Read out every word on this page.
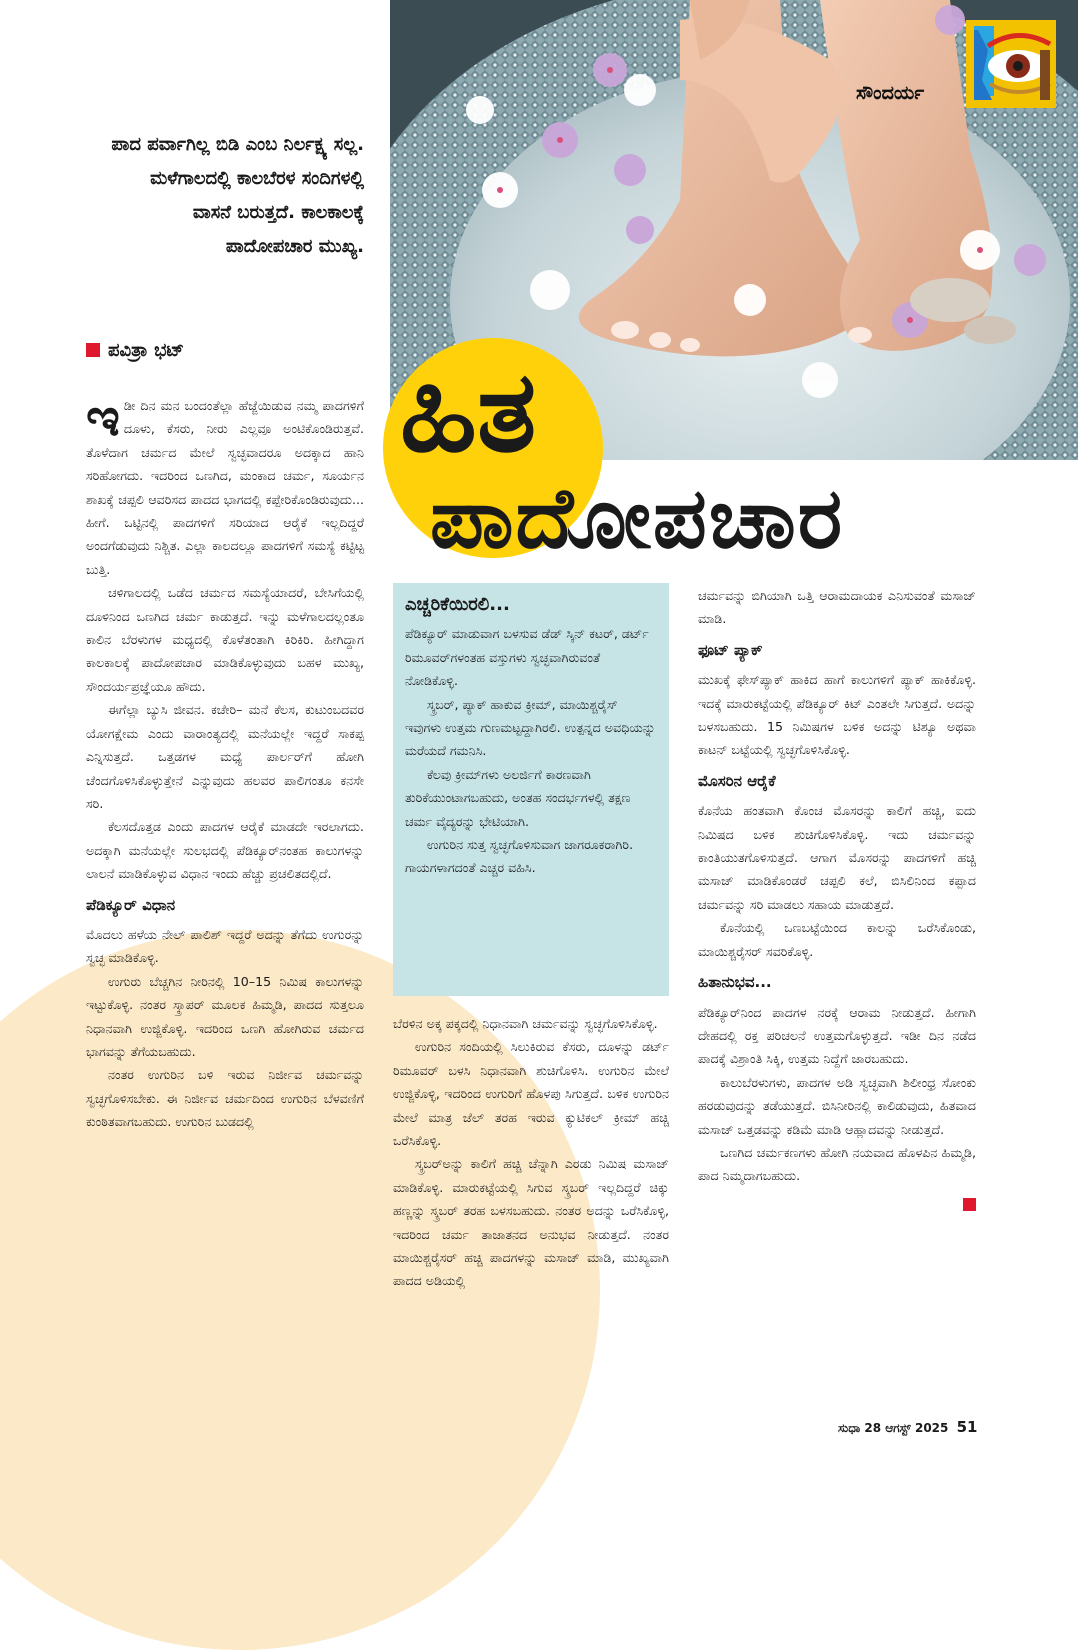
ಸೌಂದರ್ಯ
ಪಾದ ಪರ್ವಾಗಿಲ್ಲ ಬಿಡಿ ಎಂಬ ನಿರ್ಲಕ್ಷ್ಯ ಸಲ್ಲ. ಮಳೆಗಾಲದಲ್ಲಿ ಕಾಲಬೆರಳ ಸಂದಿಗಳಲ್ಲಿ ವಾಸನೆ ಬರುತ್ತದೆ. ಕಾಲಕಾಲಕ್ಕೆ ಪಾದೋಪಚಾರ ಮುಖ್ಯ.
ಪವಿತ್ರಾ ಭಟ್ ಹಿತ
ಪಾದೋಪಚಾರ

ಇಡೀ ದಿನ ಮನ ಬಂದಂತೆಲ್ಲಾ ಹೆಜ್ಜೆಯಿಡುವ ನಮ್ಮ ಪಾದಗಳಿಗೆ ದೂಳು, ಕೆಸರು, ನೀರು ಎಲ್ಲವೂ ಅಂಟಿಕೊಂಡಿರುತ್ತವೆ. ತೊಳೆದಾಗ ಚರ್ಮದ ಮೇಲೆ ಸ್ವಚ್ಛವಾದರೂ ಅದಕ್ಕಾದ ಹಾನಿ ಸರಿಹೋಗದು. ಇದರಿಂದ ಒಣಗಿದ, ಮಂಕಾದ ಚರ್ಮ, ಸೂರ್ಯನ ಶಾಖಕ್ಕೆ ಚಪ್ಪಲಿ ಆವರಿಸದ ಪಾದದ ಭಾಗದಲ್ಲಿ ಕಪ್ಪೇರಿಕೊಂಡಿರುವುದು... ಹೀಗೆ. ಒಟ್ಟಿನಲ್ಲಿ ಪಾದಗಳಿಗೆ ಸರಿಯಾದ ಆರೈಕೆ ಇಲ್ಲದಿದ್ದರೆ ಅಂದಗೆಡುವುದು ನಿಶ್ಚಿತ. ಎಲ್ಲಾ ಕಾಲದಲ್ಲೂ ಪಾದಗಳಿಗೆ ಸಮಸ್ಯೆ ಕಟ್ಟಿಟ್ಟ ಬುತ್ತಿ.

ಚಳಿಗಾಲದಲ್ಲಿ ಒಡೆದ ಚರ್ಮದ ಸಮಸ್ಯೆಯಾದರೆ, ಬೇಸಿಗೆಯಲ್ಲಿ ದೂಳಿನಿಂದ ಒಣಗಿದ ಚರ್ಮ ಕಾಡುತ್ತದೆ. ಇನ್ನು ಮಳೆಗಾಲದಲ್ಲಂತೂ ಕಾಲಿನ ಬೆರಳುಗಳ ಮಧ್ಯದಲ್ಲಿ ಕೊಳೆತಂತಾಗಿ ಕಿರಿಕಿರಿ. ಹೀಗಿದ್ದಾಗ ಕಾಲಕಾಲಕ್ಕೆ ಪಾದೋಪಚಾರ ಮಾಡಿಕೊಳ್ಳುವುದು ಬಹಳ ಮುಖ್ಯ, ಸೌಂದರ್ಯಪ್ರಜ್ಞೆಯೂ ಹೌದು.

ಈಗೆಲ್ಲಾ ಬ್ಯುಸಿ ಜೀವನ. ಕಚೇರಿ– ಮನೆ ಕೆಲಸ, ಕುಟುಂಬದವರ ಯೋಗಕ್ಷೇಮ ಎಂದು ವಾರಾಂತ್ಯದಲ್ಲಿ ಮನೆಯಲ್ಲೇ ಇದ್ದರೆ ಸಾಕಪ್ಪ ಎನ್ನಿಸುತ್ತದೆ. ಒತ್ತಡಗಳ ಮಧ್ಯೆ ಪಾರ್ಲರ್‌ಗೆ ಹೋಗಿ ಚೆಂದಗೊಳಿಸಿಕೊಳ್ಳುತ್ತೇನೆ ಎನ್ನುವುದು ಹಲವರ ಪಾಲಿಗಂತೂ ಕನಸೇ ಸರಿ.

ಕೆಲಸದೊತ್ತಡ ಎಂದು ಪಾದಗಳ ಆರೈಕೆ ಮಾಡದೇ ಇರಲಾಗದು. ಅದಕ್ಕಾಗಿ ಮನೆಯಲ್ಲೇ ಸುಲಭದಲ್ಲಿ ಪೆಡಿಕ್ಯೂರ್‌ನಂತಹ ಕಾಲುಗಳನ್ನು ಲಾಲನೆ ಮಾಡಿಕೊಳ್ಳುವ ವಿಧಾನ ಇಂದು ಹೆಚ್ಚು ಪ್ರಚಲಿತದಲ್ಲಿದೆ.

ಪೆಡಿಕ್ಯೂರ್ ವಿಧಾನ

ಮೊದಲು ಹಳೆಯ ನೇಲ್ ಪಾಲಿಶ್ ಇದ್ದರೆ ಅದನ್ನು ತೆಗೆದು ಉಗುರನ್ನು ಸ್ವಚ್ಛ ಮಾಡಿಕೊಳ್ಳಿ.

ಉಗುರು ಬೆಚ್ಚಗಿನ ನೀರಿನಲ್ಲಿ 10–15 ನಿಮಿಷ ಕಾಲುಗಳನ್ನು ಇಟ್ಟುಕೊಳ್ಳಿ. ನಂತರ ಸ್ಕ್ರಾಪರ್ ಮೂಲಕ ಹಿಮ್ಮಡಿ, ಪಾದದ ಸುತ್ತಲೂ ನಿಧಾನವಾಗಿ ಉಜ್ಜಿಕೊಳ್ಳಿ. ಇದರಿಂದ ಒಣಗಿ ಹೋಗಿರುವ ಚರ್ಮದ ಭಾಗವನ್ನು ತೆಗೆಯಬಹುದು.

ನಂತರ ಉಗುರಿನ ಬಳಿ ಇರುವ ನಿರ್ಜೀವ ಚರ್ಮವನ್ನು ಸ್ವಚ್ಛಗೊಳಿಸಬೇಕು. ಈ ನಿರ್ಜೀವ ಚರ್ಮದಿಂದ ಉಗುರಿನ ಬೆಳವಣಿಗೆ ಕುಂಠಿತವಾಗಬಹುದು. ಉಗುರಿನ ಬುಡದಲ್ಲಿ

ಎಚ್ಚರಿಕೆಯಿರಲಿ...

ಪೆಡಿಕ್ಯೂರ್ ಮಾಡುವಾಗ ಬಳಸುವ ಡೆಡ್ ಸ್ಕಿನ್ ಕಟರ್, ಡರ್ಟ್ ರಿಮೂವರ್‌ಗಳಂತಹ ವಸ್ತುಗಳು ಸ್ವಚ್ಛವಾಗಿರುವಂತೆ ನೋಡಿಕೊಳ್ಳಿ.

ಸ್ಕ್ರಬರ್, ಪ್ಯಾಕ್ ಹಾಕುವ ಕ್ರೀಮ್, ಮಾಯಿಶ್ಚರೈಸ್ ಇವುಗಳು ಉತ್ತಮ ಗುಣಮಟ್ಟದ್ದಾಗಿರಲಿ. ಉತ್ಪನ್ನದ ಅವಧಿಯನ್ನು ಮರೆಯದೆ ಗಮನಿಸಿ.

ಕೆಲವು ಕ್ರೀಮ್‌ಗಳು ಅಲರ್ಜಿಗೆ ಕಾರಣವಾಗಿ ತುರಿಕೆಯುಂಟಾಗಬಹುದು, ಅಂತಹ ಸಂದರ್ಭಗಳಲ್ಲಿ ತಕ್ಷಣ ಚರ್ಮ ವೈದ್ಯರನ್ನು ಭೇಟಿಯಾಗಿ.

ಉಗುರಿನ ಸುತ್ತ ಸ್ವಚ್ಛಗೊಳಿಸುವಾಗ ಜಾಗರೂಕರಾಗಿರಿ. ಗಾಯಗಳಾಗದಂತೆ ಎಚ್ಚರ ವಹಿಸಿ.

ಬೆರಳಿನ ಅಕ್ಕ ಪಕ್ಕದಲ್ಲಿ ನಿಧಾನವಾಗಿ ಚರ್ಮವನ್ನು ಸ್ವಚ್ಛಗೊಳಿಸಿಕೊಳ್ಳಿ.

ಉಗುರಿನ ಸಂದಿಯಲ್ಲಿ ಸಿಲುಕಿರುವ ಕೆಸರು, ದೂಳನ್ನು ಡರ್ಟ್ ರಿಮೂವರ್ ಬಳಸಿ ನಿಧಾನವಾಗಿ ಶುಚಿಗೊಳಿಸಿ. ಉಗುರಿನ ಮೇಲೆ ಉಜ್ಜಿಕೊಳ್ಳಿ, ಇದರಿಂದ ಉಗುರಿಗೆ ಹೊಳಪು ಸಿಗುತ್ತದೆ. ಬಳಿಕ ಉಗುರಿನ ಮೇಲೆ ಮಾತ್ರ ಜೆಲ್ ತರಹ ಇರುವ ಕ್ಯುಟಿಕಲ್ ಕ್ರೀಮ್ ಹಚ್ಚಿ ಒರೆಸಿಕೊಳ್ಳಿ.

ಸ್ಕ್ರಬರ್‌ಅನ್ನು ಕಾಲಿಗೆ ಹಚ್ಚಿ ಚೆನ್ನಾಗಿ ಎರಡು ನಿಮಿಷ ಮಸಾಜ್ ಮಾಡಿಕೊಳ್ಳಿ. ಮಾರುಕಟ್ಟೆಯಲ್ಲಿ ಸಿಗುವ ಸ್ಕ್ರಬರ್ ಇಲ್ಲದಿದ್ದರೆ ಚಿಕ್ಕು ಹಣ್ಣನ್ನು ಸ್ಕ್ರಬರ್ ತರಹ ಬಳಸಬಹುದು. ನಂತರ ಅದನ್ನು ಒರೆಸಿಕೊಳ್ಳಿ, ಇದರಿಂದ ಚರ್ಮ ತಾಜಾತನದ ಅನುಭವ ನೀಡುತ್ತದೆ. ನಂತರ ಮಾಯಿಶ್ಚರೈಸರ್ ಹಚ್ಚಿ ಪಾದಗಳನ್ನು ಮಸಾಜ್ ಮಾಡಿ, ಮುಖ್ಯವಾಗಿ ಪಾದದ ಅಡಿಯಲ್ಲಿ

ಚರ್ಮವನ್ನು ಬಿಗಿಯಾಗಿ ಒತ್ತಿ ಆರಾಮದಾಯಕ ಎನಿಸುವಂತೆ ಮಸಾಜ್ ಮಾಡಿ.

ಫೂಟ್ ಪ್ಯಾಕ್

ಮುಖಕ್ಕೆ ಫೇಸ್‌ಪ್ಯಾಕ್ ಹಾಕಿದ ಹಾಗೆ ಕಾಲುಗಳಿಗೆ ಪ್ಯಾಕ್ ಹಾಕಿಕೊಳ್ಳಿ. ಇದಕ್ಕೆ ಮಾರುಕಟ್ಟೆಯಲ್ಲಿ ಪೆಡಿಕ್ಯೂರ್ ಕಿಟ್ ಎಂತಲೇ ಸಿಗುತ್ತದೆ. ಅದನ್ನು ಬಳಸಬಹುದು. 15 ನಿಮಿಷಗಳ ಬಳಿಕ ಅದನ್ನು ಟಿಶ್ಯೂ ಅಥವಾ ಕಾಟನ್ ಬಟ್ಟೆಯಲ್ಲಿ ಸ್ವಚ್ಛಗೊಳಿಸಿಕೊಳ್ಳಿ.

ಮೊಸರಿನ ಆರೈಕೆ

ಕೊನೆಯ ಹಂತವಾಗಿ ಕೊಂಚ ಮೊಸರನ್ನು ಕಾಲಿಗೆ ಹಚ್ಚಿ, ಐದು ನಿಮಿಷದ ಬಳಿಕ ಶುಚಿಗೊಳಿಸಿಕೊಳ್ಳಿ. ಇದು ಚರ್ಮವನ್ನು ಕಾಂತಿಯುತಗೊಳಿಸುತ್ತದೆ. ಆಗಾಗ ಮೊಸರನ್ನು ಪಾದಗಳಿಗೆ ಹಚ್ಚಿ ಮಸಾಜ್ ಮಾಡಿಕೊಂಡರೆ ಚಪ್ಪಲಿ ಕಲೆ, ಬಿಸಿಲಿನಿಂದ ಕಪ್ಪಾದ ಚರ್ಮವನ್ನು ಸರಿ ಮಾಡಲು ಸಹಾಯ ಮಾಡುತ್ತದೆ.

ಕೊನೆಯಲ್ಲಿ ಒಣಬಟ್ಟೆಯಿಂದ ಕಾಲನ್ನು ಒರೆಸಿಕೊಂಡು, ಮಾಯಿಶ್ಚರೈಸರ್ ಸವರಿಕೊಳ್ಳಿ.

ಹಿತಾನುಭವ...

ಪೆಡಿಕ್ಯೂರ್‌ನಿಂದ ಪಾದಗಳ ನರಕ್ಕೆ ಆರಾಮ ನೀಡುತ್ತದೆ. ಹೀಗಾಗಿ ದೇಹದಲ್ಲಿ ರಕ್ತ ಪರಿಚಲನೆ ಉತ್ತಮಗೊಳ್ಳುತ್ತದೆ. ಇಡೀ ದಿನ ನಡೆದ ಪಾದಕ್ಕೆ ವಿಶ್ರಾಂತಿ ಸಿಕ್ಕಿ, ಉತ್ತಮ ನಿದ್ದೆಗೆ ಜಾರಬಹುದು.

ಕಾಲುಬೆರಳುಗಳು, ಪಾದಗಳ ಅಡಿ ಸ್ವಚ್ಛವಾಗಿ ಶಿಲೀಂಧ್ರ ಸೋಂಕು ಹರಡುವುದನ್ನು ತಡೆಯುತ್ತದೆ. ಬಿಸಿನೀರಿನಲ್ಲಿ ಕಾಲಿಡುವುದು, ಹಿತವಾದ ಮಸಾಜ್ ಒತ್ತಡವನ್ನು ಕಡಿಮೆ ಮಾಡಿ ಆಹ್ಲಾದವನ್ನು ನೀಡುತ್ತದೆ.

ಒಣಗಿದ ಚರ್ಮಕಣಗಳು ಹೋಗಿ ನಯವಾದ ಹೊಳಪಿನ ಹಿಮ್ಮಡಿ, ಪಾದ ನಿಮ್ಮದಾಗಬಹುದು.

ಸುಧಾ 28 ಆಗಸ್ಟ್ 2025 51
